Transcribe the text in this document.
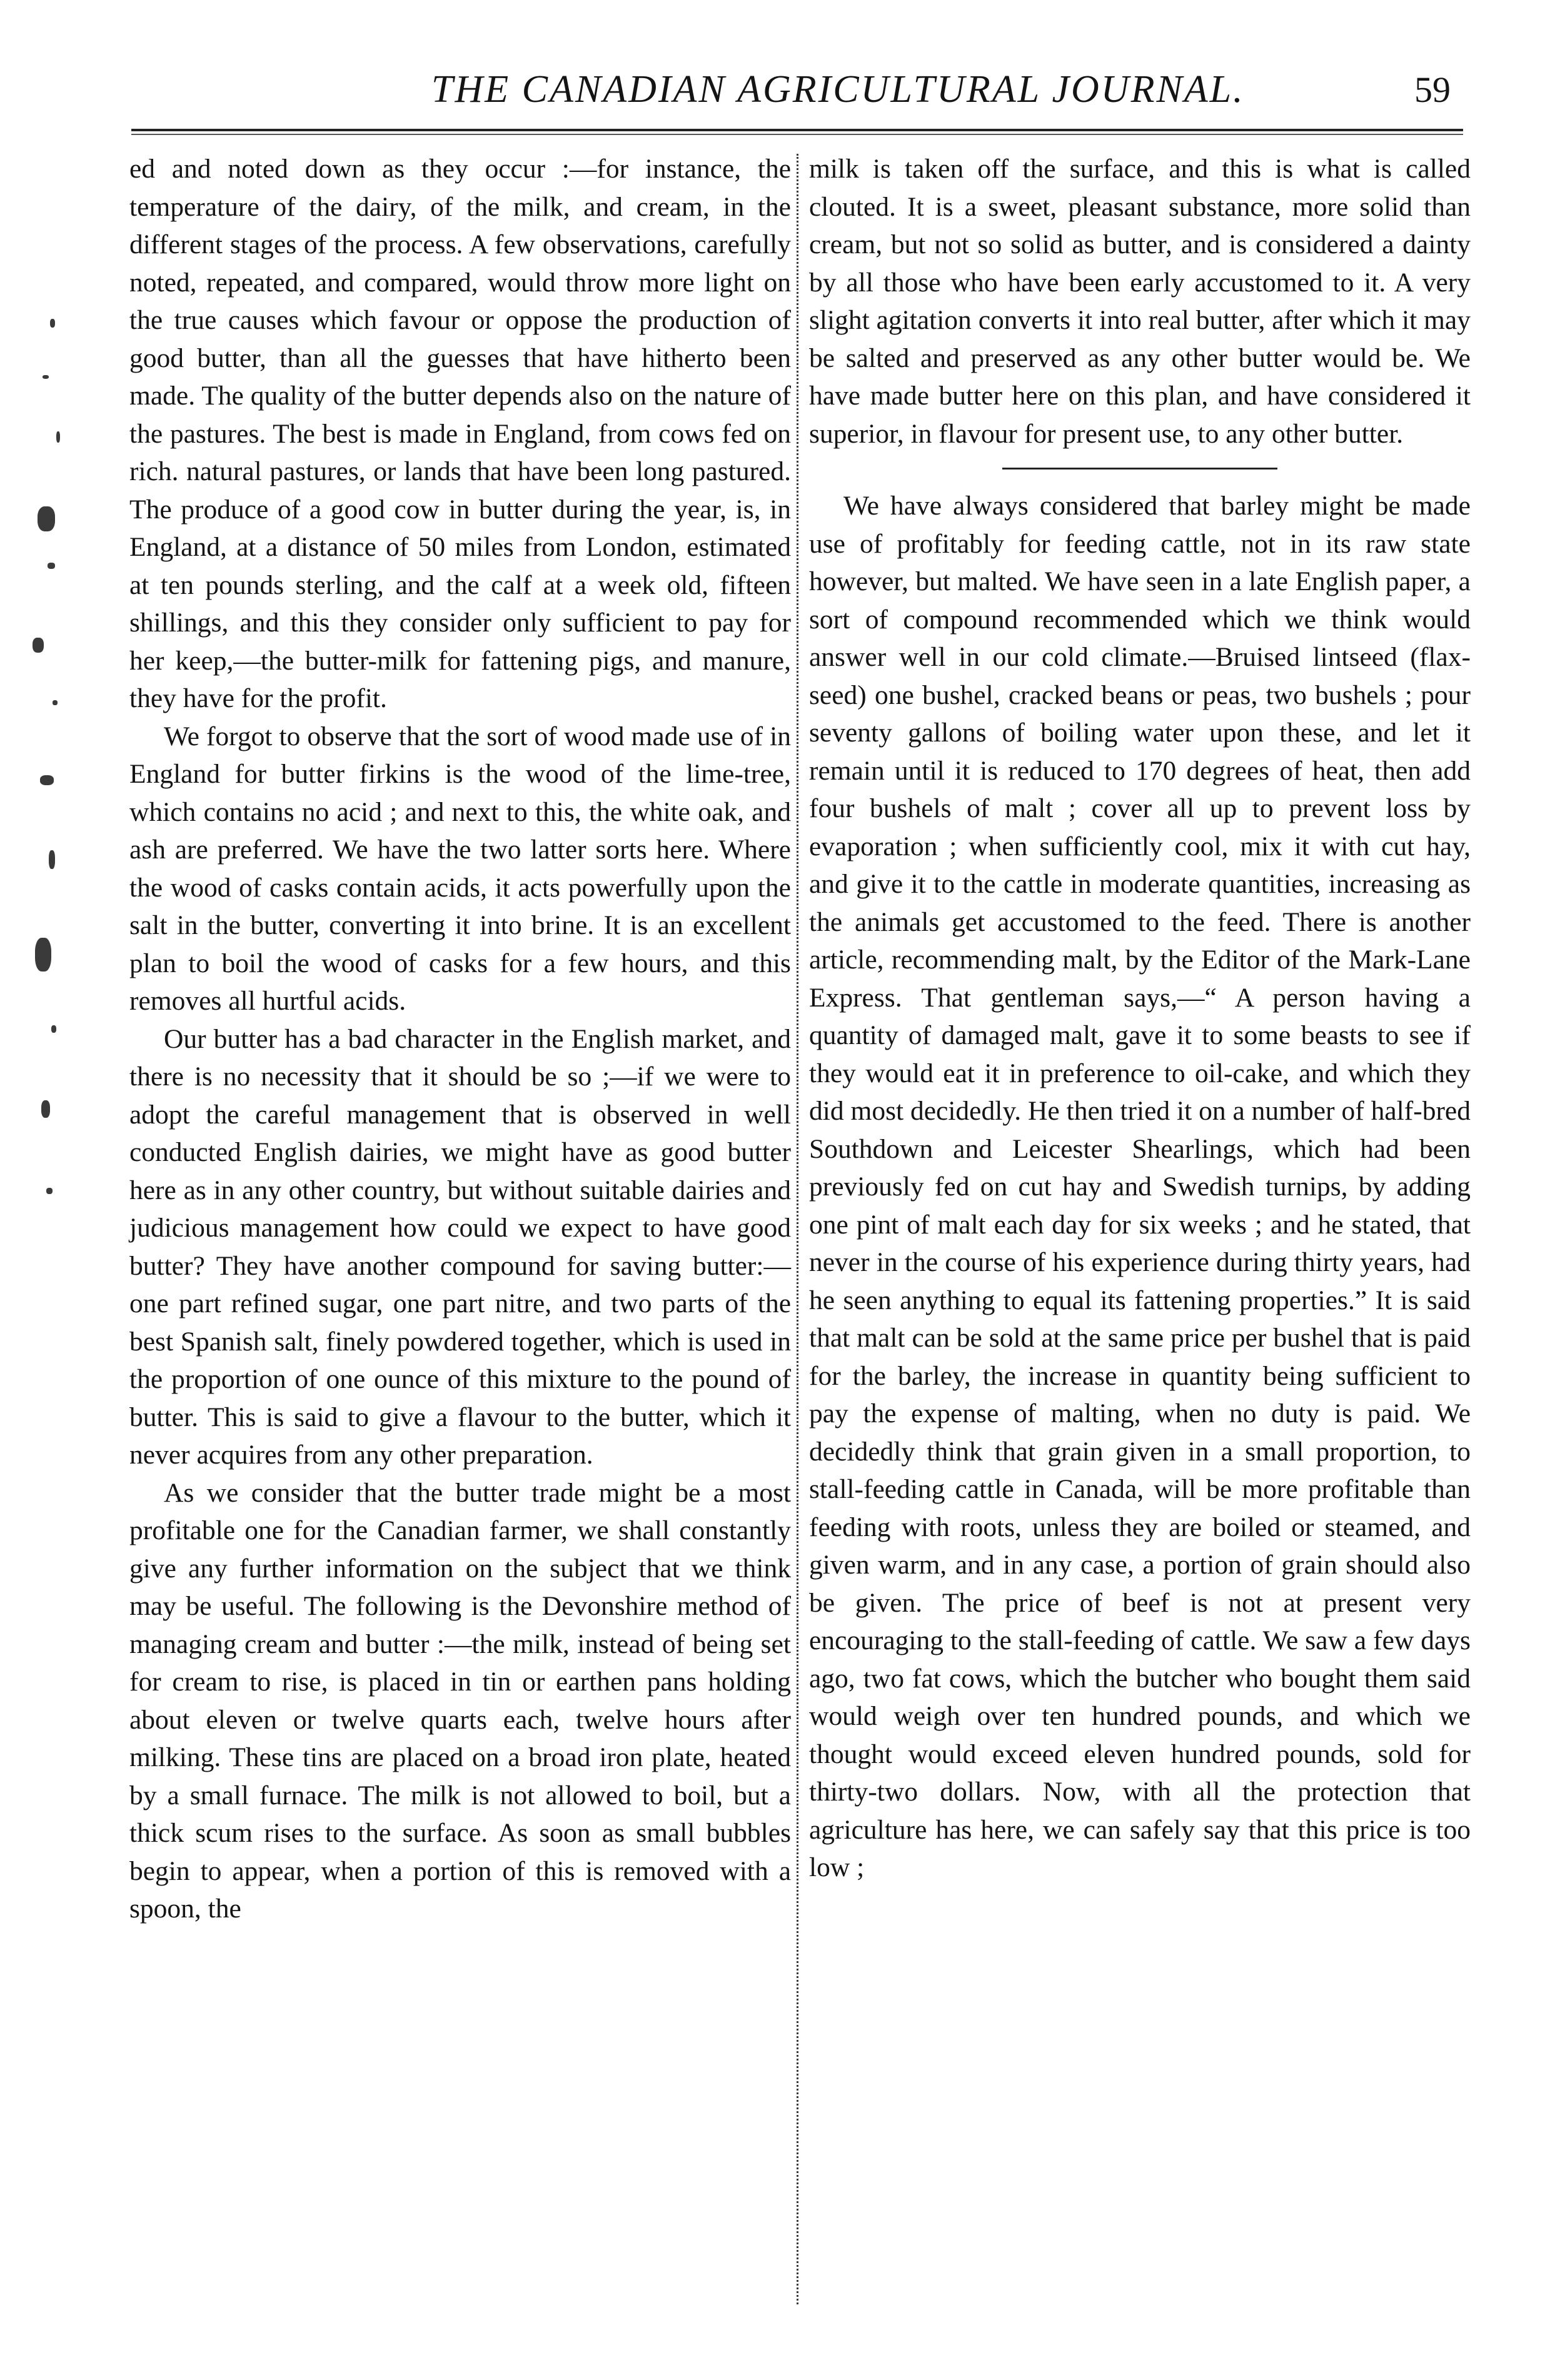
THE CANADIAN AGRICULTURAL JOURNAL.	59

ed and noted down as they occur :—for instance, the temperature of the dairy, of the milk, and cream, in the different stages of the process. A few observations, carefully noted, repeated, and compared, would throw more light on the true causes which favour or oppose the production of good butter, than all the guesses that have hitherto been made. The quality of the butter depends also on the nature of the pastures. The best is made in England, from cows fed on rich. natural pastures, or lands that have been long pastured. The produce of a good cow in butter during the year, is, in England, at a distance of 50 miles from London, estimated at ten pounds sterling, and the calf at a week old, fifteen shillings, and this they consider only sufficient to pay for her keep,—the butter-milk for fattening pigs, and manure, they have for the profit.

We forgot to observe that the sort of wood made use of in England for butter firkins is the wood of the lime-tree, which contains no acid ; and next to this, the white oak, and ash are preferred. We have the two latter sorts here. Where the wood of casks contain acids, it acts powerfully upon the salt in the butter, converting it into brine. It is an excellent plan to boil the wood of casks for a few hours, and this removes all hurtful acids.

Our butter has a bad character in the English market, and there is no necessity that it should be so ;—if we were to adopt the careful management that is observed in well conducted English dairies, we might have as good butter here as in any other country, but without suitable dairies and judicious management how could we expect to have good butter? They have another compound for saving butter:—one part refined sugar, one part nitre, and two parts of the best Spanish salt, finely powdered together, which is used in the proportion of one ounce of this mixture to the pound of butter. This is said to give a flavour to the butter, which it never acquires from any other preparation.

As we consider that the butter trade might be a most profitable one for the Canadian farmer, we shall constantly give any further information on the subject that we think may be useful. The following is the Devonshire method of managing cream and butter :—the milk, instead of being set for cream to rise, is placed in tin or earthen pans holding about eleven or twelve quarts each, twelve hours after milking. These tins are placed on a broad iron plate, heated by a small furnace. The milk is not allowed to boil, but a thick scum rises to the surface. As soon as small bubbles begin to appear, when a portion of this is removed with a spoon, the

milk is taken off the surface, and this is what is called clouted. It is a sweet, pleasant substance, more solid than cream, but not so solid as butter, and is considered a dainty by all those who have been early accustomed to it. A very slight agitation converts it into real butter, after which it may be salted and preserved as any other butter would be. We have made butter here on this plan, and have considered it superior, in flavour for present use, to any other butter.

We have always considered that barley might be made use of profitably for feeding cattle, not in its raw state however, but malted. We have seen in a late English paper, a sort of compound recommended which we think would answer well in our cold climate.—Bruised lintseed (flax-seed) one bushel, cracked beans or peas, two bushels ; pour seventy gallons of boiling water upon these, and let it remain until it is reduced to 170 degrees of heat, then add four bushels of malt ; cover all up to prevent loss by evaporation ; when sufficiently cool, mix it with cut hay, and give it to the cattle in moderate quantities, increasing as the animals get accustomed to the feed. There is another article, recommending malt, by the Editor of the Mark-Lane Express. That gentleman says,—“ A person having a quantity of damaged malt, gave it to some beasts to see if they would eat it in preference to oil-cake, and which they did most decidedly. He then tried it on a number of half-bred Southdown and Leicester Shearlings, which had been previously fed on cut hay and Swedish turnips, by adding one pint of malt each day for six weeks ; and he stated, that never in the course of his experience during thirty years, had he seen anything to equal its fattening properties.” It is said that malt can be sold at the same price per bushel that is paid for the barley, the increase in quantity being sufficient to pay the expense of malting, when no duty is paid. We decidedly think that grain given in a small proportion, to stall-feeding cattle in Canada, will be more profitable than feeding with roots, unless they are boiled or steamed, and given warm, and in any case, a portion of grain should also be given. The price of beef is not at present very encouraging to the stall-feeding of cattle. We saw a few days ago, two fat cows, which the butcher who bought them said would weigh over ten hundred pounds, and which we thought would exceed eleven hundred pounds, sold for thirty-two dollars. Now, with all the protection that agriculture has here, we can safely say that this price is too low ;
